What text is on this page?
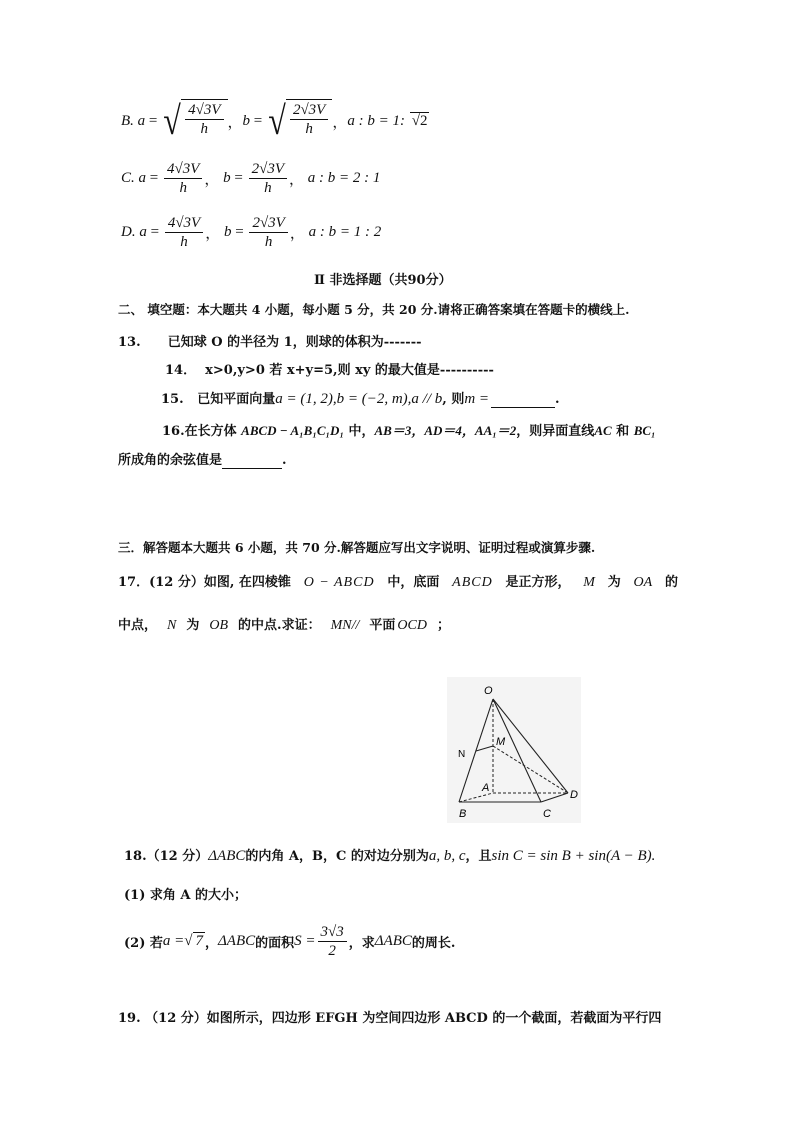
B.
a = √ $\frac{4√3V}{h}$ ， b = √ $\frac{2√3V}{h}$ ， a : b = 1:
√2
C.
$a = \frac{4√3V}{h}$ ，
$b = \frac{2√3V}{h}$ ，
a : b = 2 : 1
D.
$a = \frac{4√3V}{h}$ ，
$b = \frac{2√3V}{h}$ ，
a : b = 1 : 2
Ⅱ 非选择题（共90分）
二、 填空题：本大题共 4 小题，每小题 5 分，共 20 分.请将正确答案填在答题卡的横线上.
13. 已知球 O 的半径为 1，则球的体积为-------
14． x>0,y>0 若 x+y=5,则 xy 的最大值是----------
15.
已知平面向量 a = (1, 2), b = (−2, m), a // b , 则 m =
	.
16.在长方体 ABCD − A₁B₁C₁D₁ 中，AB＝3，AD＝4，AA₁＝2，则异面直线AC 和 BC₁
所成角的余弦值是	.
三．解答题本大题共 6 小题，共 70 分.解答题应写出文字说明、证明过程或演算步骤.
17．(12 分）如图, 在四棱锥 O − ABCD 中，底面 ABCD 是正方形， M 为 OA 的
中点， N 为 OB 的中点.求证： MN// 平面 OCD ；
O
M
N
A
B	C
D
18.（12 分） ΔABC 的内角 A，B，C 的对边分别为 a, b, c ，且 sin C = sin B + sin(A − B).
(1) 求角 A 的大小；
(2) 若 a = √ 7 ， ΔABC 的面积 $S = \frac{3√3}{2}$ ，求 ΔABC 的周长.
19. （12 分）如图所示，四边形 EFGH 为空间四边形 ABCD 的一个截面，若截面为平行四
